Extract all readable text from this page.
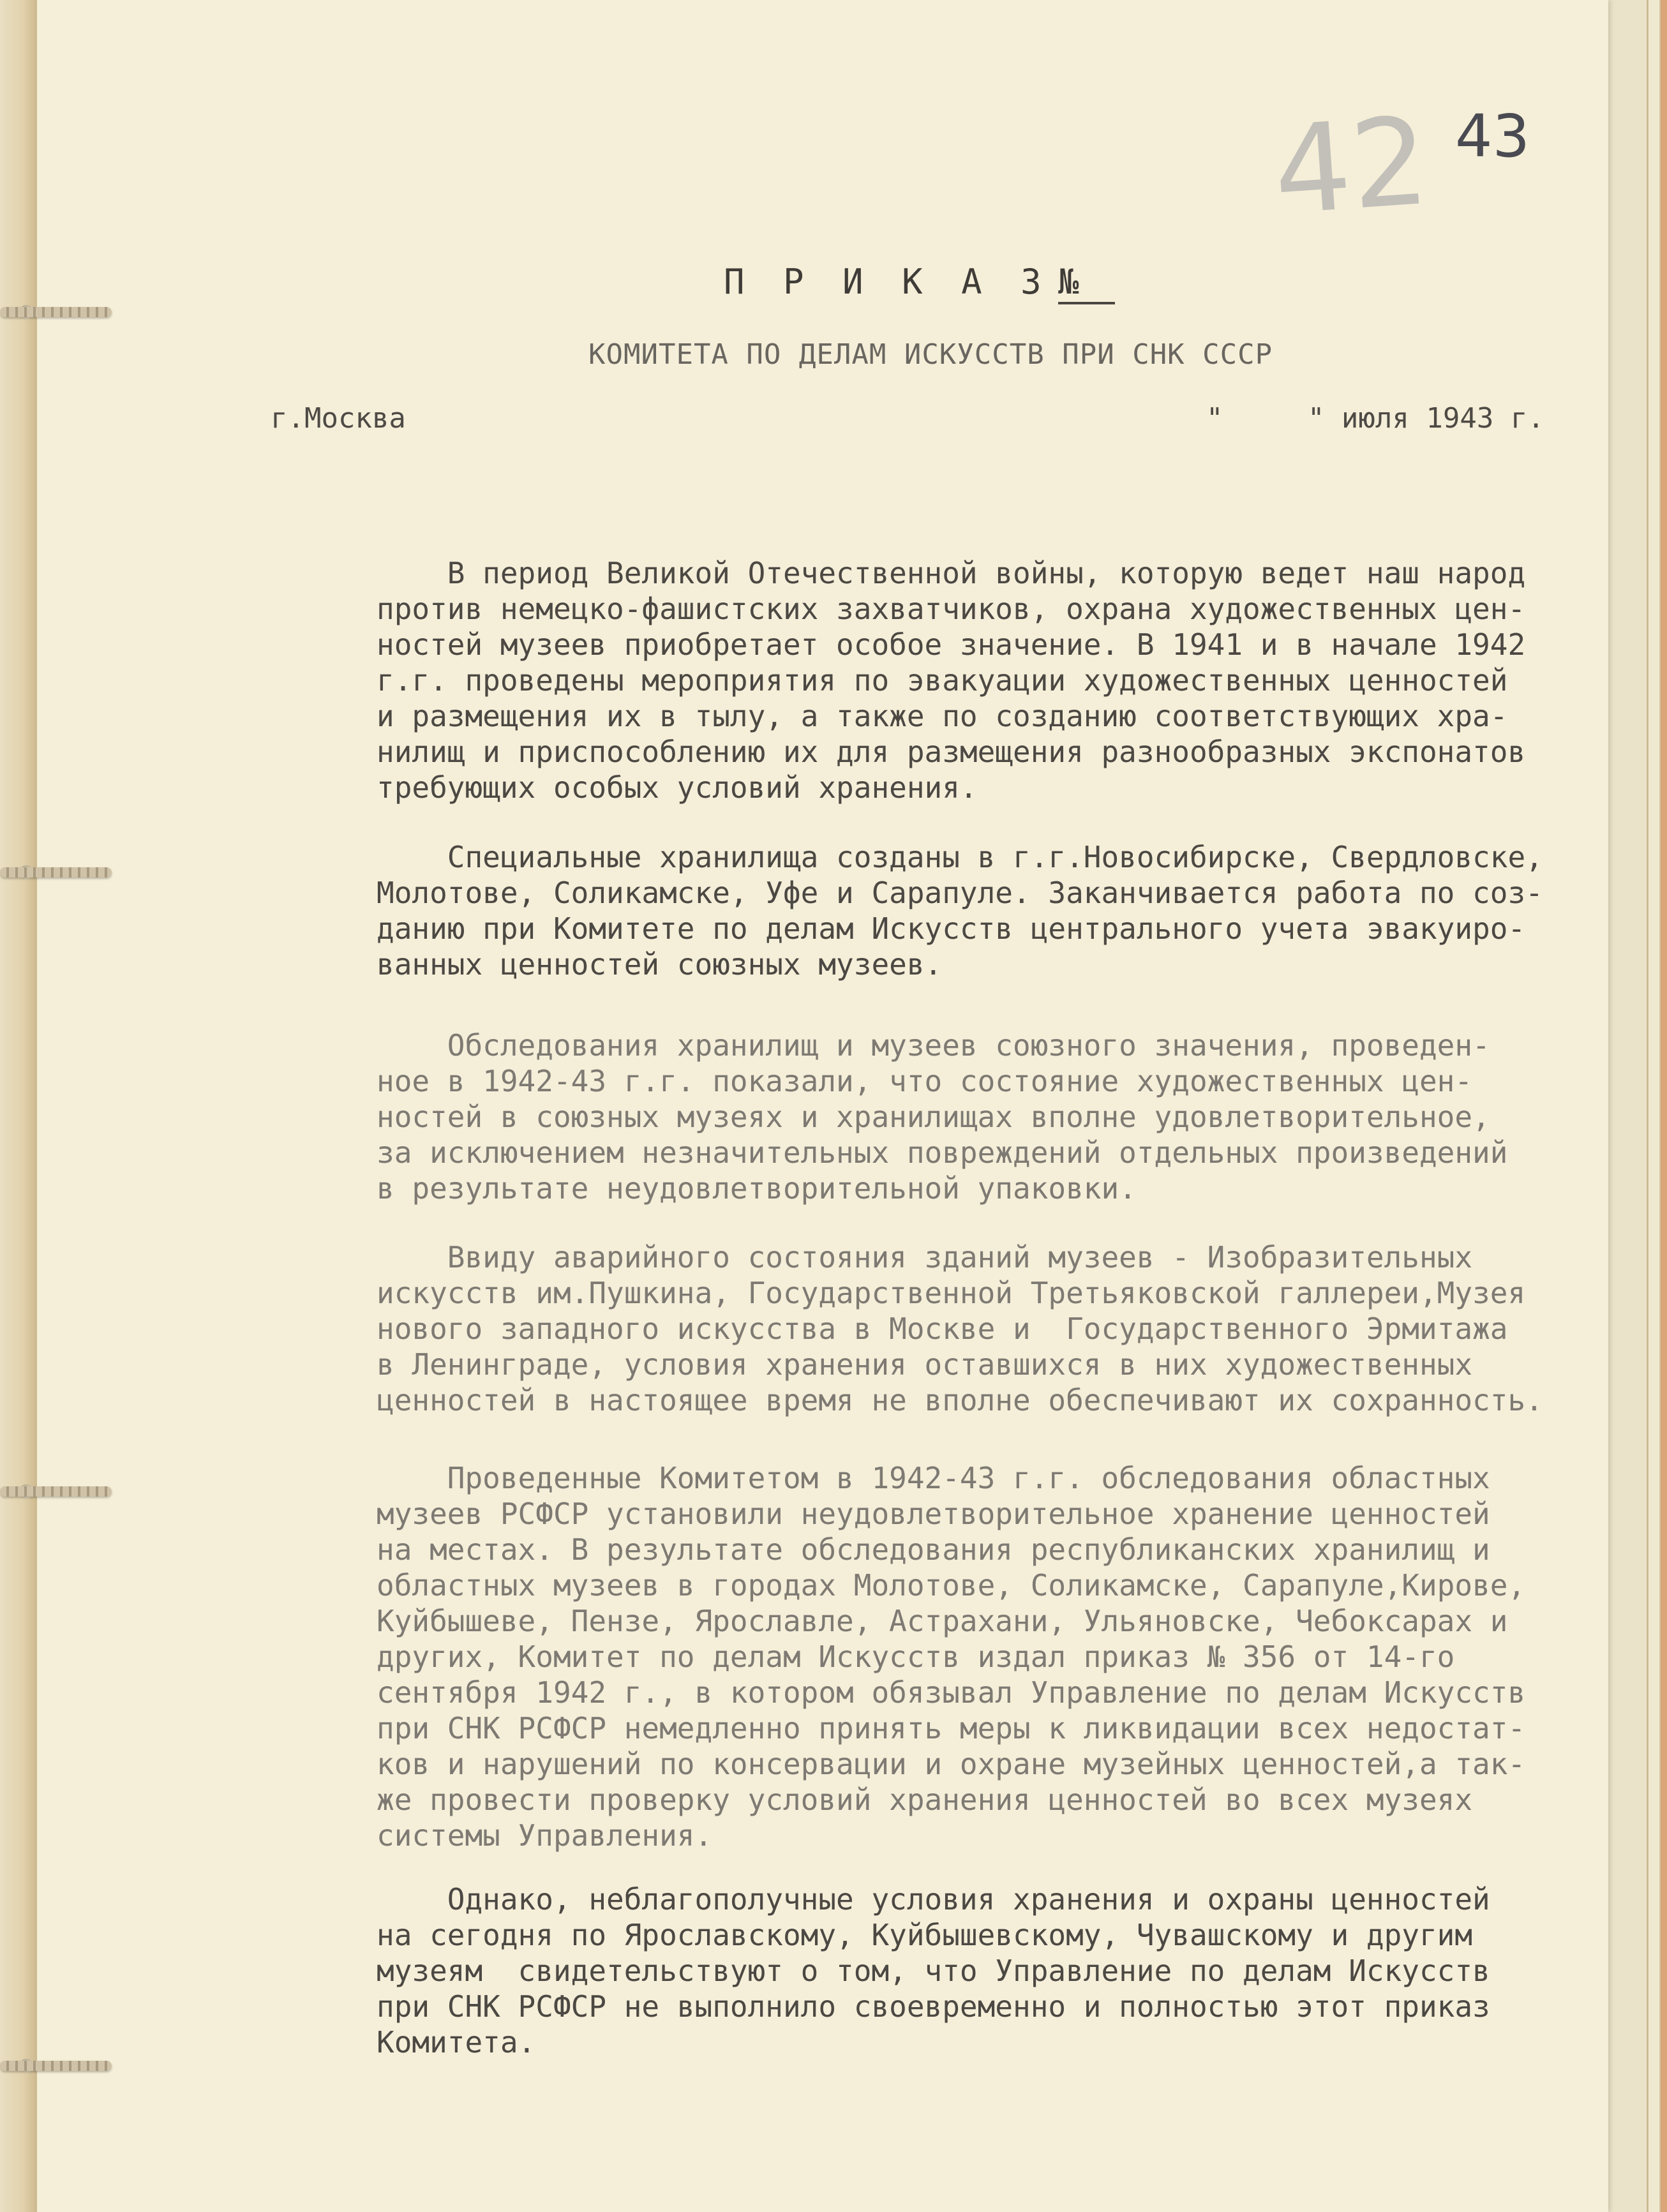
42 43
П Р И К А З №
КОМИТЕТА ПО ДЕЛАМ ИСКУССТВ ПРИ СНК СССР
г.Москва	"     " июля 1943 г.

В период Великой Отечественной войны, которую ведет наш народ
против немецко-фашистских захватчиков, охрана художественных цен-
ностей музеев приобретает особое значение. В 1941 и в начале 1942
г.г. проведены мероприятия по эвакуации художественных ценностей
и размещения их в тылу, а также по созданию соответствующих хра-
нилищ и приспособлению их для размещения разнообразных экспонатов
требующих особых условий хранения.

Специальные хранилища созданы в г.г.Новосибирске, Свердловске,
Молотове, Соликамске, Уфе и Сарапуле. Заканчивается работа по соз-
данию при Комитете по делам Искусств центрального учета эвакуиро-
ванных ценностей союзных музеев.

Обследования хранилищ и музеев союзного значения, проведен-
ное в 1942-43 г.г. показали, что состояние художественных цен-
ностей в союзных музеях и хранилищах вполне удовлетворительное,
за исключением незначительных повреждений отдельных произведений
в результате неудовлетворительной упаковки.

Ввиду аварийного состояния зданий музеев - Изобразительных
искусств им.Пушкина, Государственной Третьяковской галлереи,Музея
нового западного искусства в Москве и  Государственного Эрмитажа
в Ленинграде, условия хранения оставшихся в них художественных
ценностей в настоящее время не вполне обеспечивают их сохранность.

Проведенные Комитетом в 1942-43 г.г. обследования областных
музеев РСФСР установили неудовлетворительное хранение ценностей
на местах. В результате обследования республиканских хранилищ и
областных музеев в городах Молотове, Соликамске, Сарапуле,Кирове,
Куйбышеве, Пензе, Ярославле, Астрахани, Ульяновске, Чебоксарах и
других, Комитет по делам Искусств издал приказ № 356 от 14-го
сентября 1942 г., в котором обязывал Управление по делам Искусств
при СНК РСФСР немедленно принять меры к ликвидации всех недостат-
ков и нарушений по консервации и охране музейных ценностей,а так-
же провести проверку условий хранения ценностей во всех музеях
системы Управления.

Однако, неблагополучные условия хранения и охраны ценностей
на сегодня по Ярославскому, Куйбышевскому, Чувашскому и другим
музеям  свидетельствуют о том, что Управление по делам Искусств
при СНК РСФСР не выполнило своевременно и полностью этот приказ
Комитета.
